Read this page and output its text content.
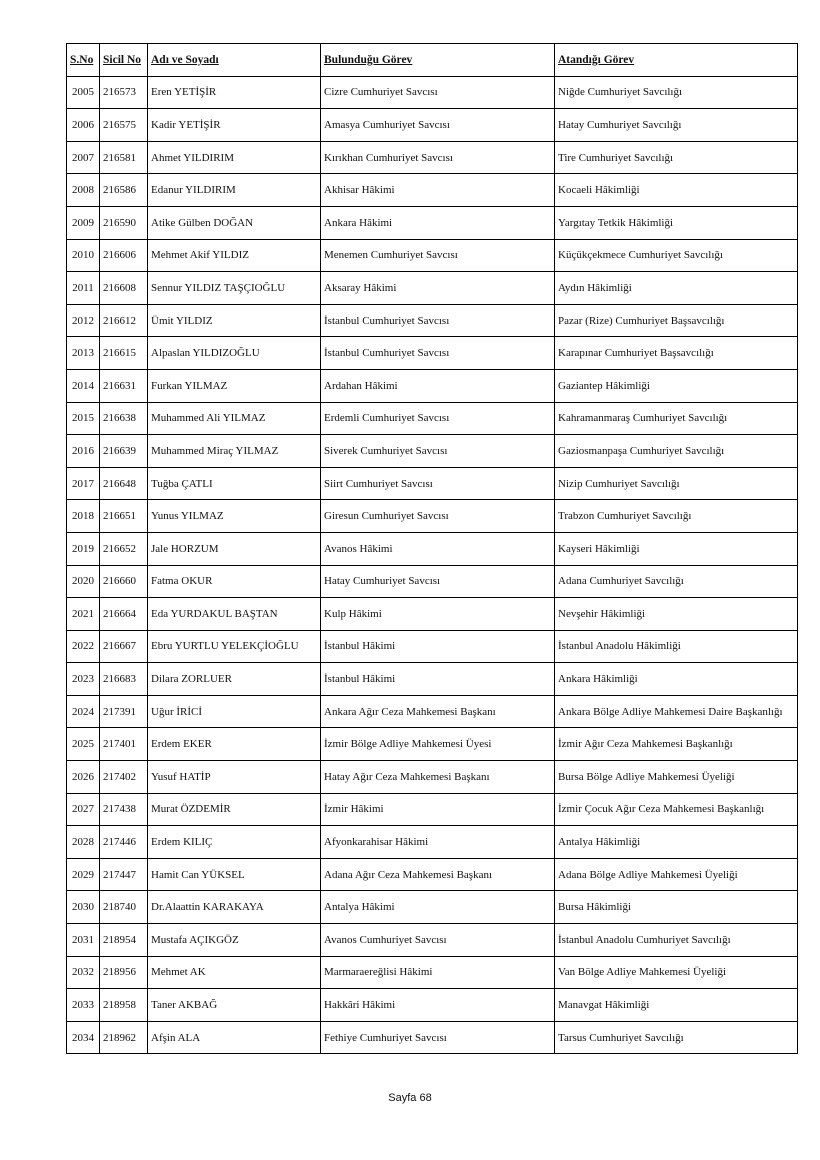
S.No	Sicil No	Adı ve Soyadı	Bulunduğu Görev	Atandığı Görev
2005	216573	Eren YETİŞİR	Cizre Cumhuriyet Savcısı	Niğde Cumhuriyet Savcılığı
2006	216575	Kadir YETİŞİR	Amasya Cumhuriyet Savcısı	Hatay Cumhuriyet Savcılığı
2007	216581	Ahmet YILDIRIM	Kırıkhan Cumhuriyet Savcısı	Tire Cumhuriyet Savcılığı
2008	216586	Edanur YILDIRIM	Akhisar Hâkimi	Kocaeli Hâkimliği
2009	216590	Atike Gülben DOĞAN	Ankara Hâkimi	Yargıtay Tetkik Hâkimliği
2010	216606	Mehmet Akif YILDIZ	Menemen Cumhuriyet Savcısı	Küçükçekmece Cumhuriyet Savcılığı
2011	216608	Sennur YILDIZ TAŞÇIOĞLU	Aksaray Hâkimi	Aydın Hâkimliği
2012	216612	Ümit YILDIZ	İstanbul Cumhuriyet Savcısı	Pazar (Rize) Cumhuriyet Başsavcılığı
2013	216615	Alpaslan YILDIZOĞLU	İstanbul Cumhuriyet Savcısı	Karapınar Cumhuriyet Başsavcılığı
2014	216631	Furkan YILMAZ	Ardahan Hâkimi	Gaziantep Hâkimliği
2015	216638	Muhammed Ali YILMAZ	Erdemli Cumhuriyet Savcısı	Kahramanmaraş Cumhuriyet Savcılığı
2016	216639	Muhammed Miraç YILMAZ	Siverek Cumhuriyet Savcısı	Gaziosmanpaşa Cumhuriyet Savcılığı
2017	216648	Tuğba ÇATLI	Siirt Cumhuriyet Savcısı	Nizip Cumhuriyet Savcılığı
2018	216651	Yunus YILMAZ	Giresun Cumhuriyet Savcısı	Trabzon Cumhuriyet Savcılığı
2019	216652	Jale HORZUM	Avanos Hâkimi	Kayseri Hâkimliği
2020	216660	Fatma OKUR	Hatay Cumhuriyet Savcısı	Adana Cumhuriyet Savcılığı
2021	216664	Eda YURDAKUL BAŞTAN	Kulp Hâkimi	Nevşehir Hâkimliği
2022	216667	Ebru YURTLU YELEKÇİOĞLU	İstanbul Hâkimi	İstanbul Anadolu Hâkimliği
2023	216683	Dilara ZORLUER	İstanbul Hâkimi	Ankara Hâkimliği
2024	217391	Uğur İRİCİ	Ankara Ağır Ceza Mahkemesi Başkanı	Ankara Bölge Adliye Mahkemesi Daire Başkanlığı
2025	217401	Erdem EKER	İzmir Bölge Adliye Mahkemesi Üyesi	İzmir Ağır Ceza Mahkemesi Başkanlığı
2026	217402	Yusuf HATİP	Hatay Ağır Ceza Mahkemesi Başkanı	Bursa Bölge Adliye Mahkemesi Üyeliği
2027	217438	Murat ÖZDEMİR	İzmir Hâkimi	İzmir Çocuk Ağır Ceza Mahkemesi Başkanlığı
2028	217446	Erdem KILIÇ	Afyonkarahisar Hâkimi	Antalya Hâkimliği
2029	217447	Hamit Can YÜKSEL	Adana Ağır Ceza Mahkemesi Başkanı	Adana Bölge Adliye Mahkemesi Üyeliği
2030	218740	Dr.Alaattin KARAKAYA	Antalya Hâkimi	Bursa Hâkimliği
2031	218954	Mustafa AÇIKGÖZ	Avanos Cumhuriyet Savcısı	İstanbul Anadolu Cumhuriyet Savcılığı
2032	218956	Mehmet AK	Marmaraereğlisi Hâkimi	Van Bölge Adliye Mahkemesi Üyeliği
2033	218958	Taner AKBAĞ	Hakkâri Hâkimi	Manavgat Hâkimliği
2034	218962	Afşin ALA	Fethiye Cumhuriyet Savcısı	Tarsus Cumhuriyet Savcılığı
Sayfa 68
